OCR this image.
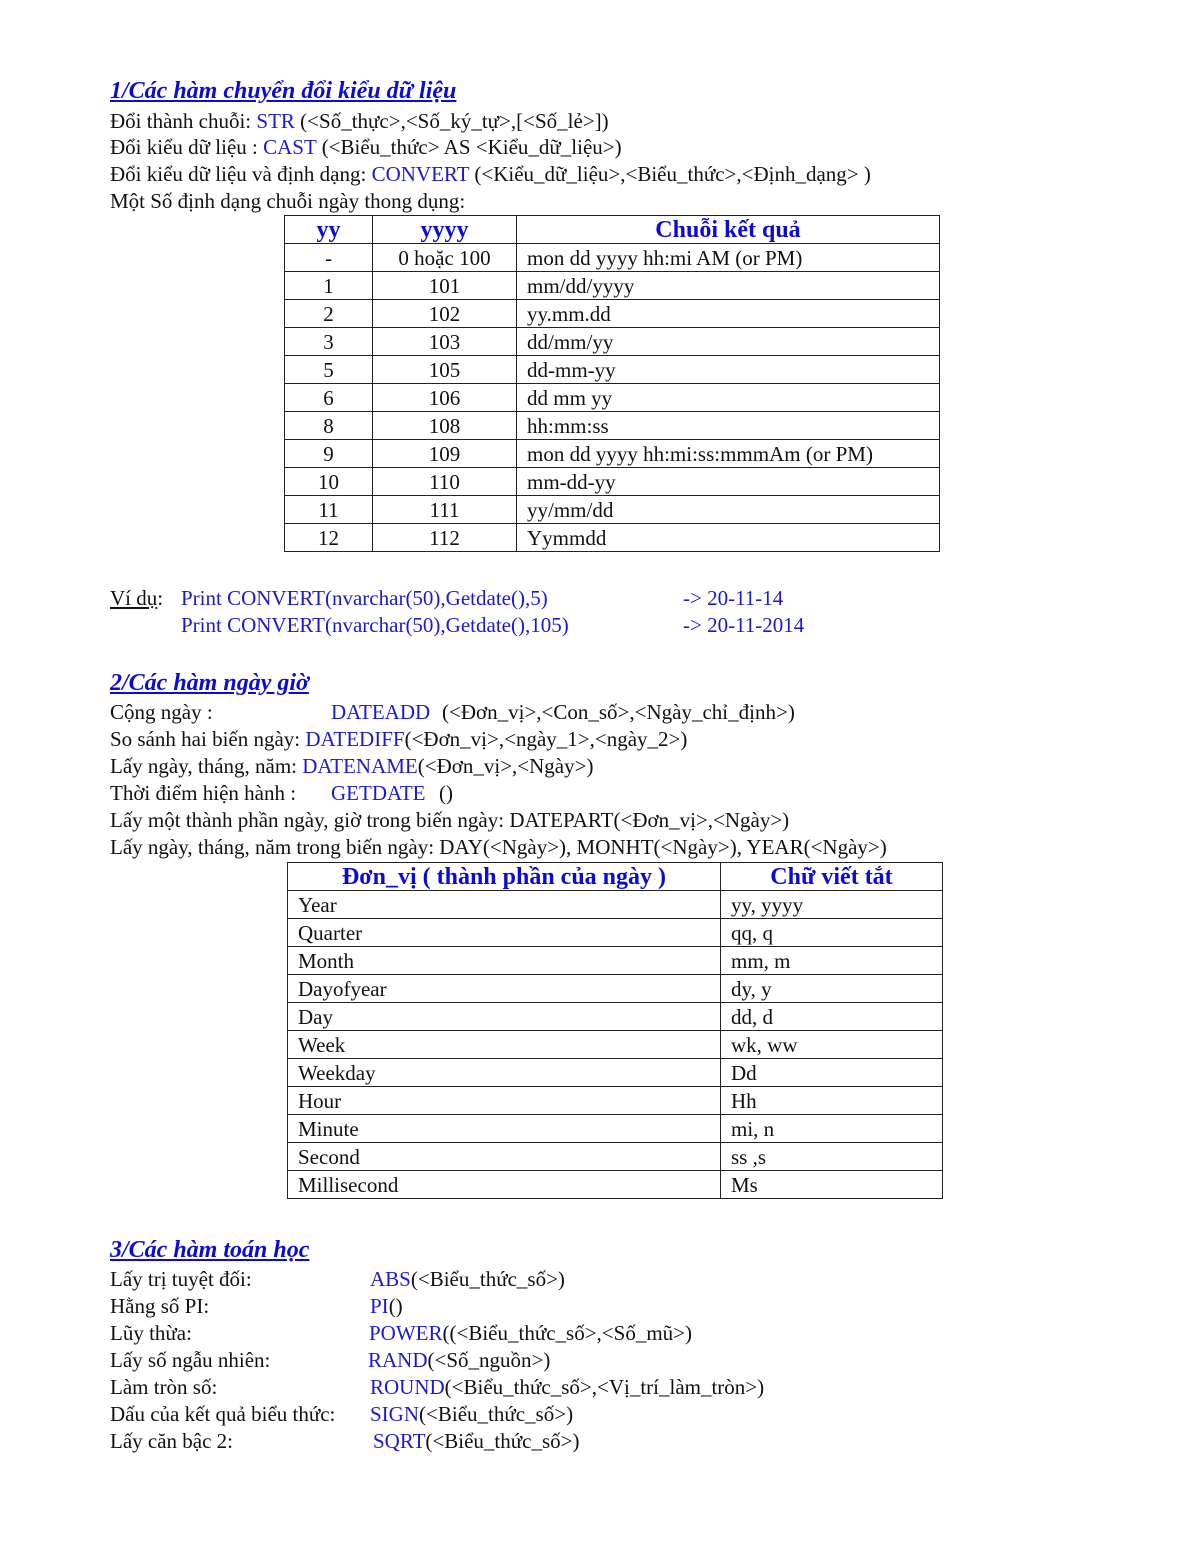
1/Các hàm chuyển đổi kiểu dữ liệu
Đổi thành chuỗi: STR (<Số_thực>,<Số_ký_tự>,[<Số_lẻ>])
Đổi kiểu dữ liệu : CAST (<Biểu_thức> AS <Kiểu_dữ_liệu>)
Đổi kiểu dữ liệu và định dạng: CONVERT (<Kiểu_dữ_liệu>,<Biểu_thức>,<Định_dạng> )
Một Số định dạng chuỗi ngày thong dụng:
yy	yyyy	Chuỗi kết quả
-	0 hoặc 100	mon dd yyyy hh:mi AM (or PM)
1	101	mm/dd/yyyy
2	102	yy.mm.dd
3	103	dd/mm/yy
5	105	dd-mm-yy
6	106	dd mm yy
8	108	hh:mm:ss
9	109	mon dd yyyy hh:mi:ss:mmmAm (or PM)
10	110	mm-dd-yy
11	111	yy/mm/dd
12	112	Yymmdd
Ví dụ: Print CONVERT(nvarchar(50),Getdate(),5)	-> 20-11-14
Print CONVERT(nvarchar(50),Getdate(),105)	-> 20-11-2014
2/Các hàm ngày giờ
Cộng ngày :	DATEADD (<Đơn_vị>,<Con_số>,<Ngày_chỉ_định>)
So sánh hai biến ngày: DATEDIFF(<Đơn_vị>,<ngày_1>,<ngày_2>)
Lấy ngày, tháng, năm: DATENAME(<Đơn_vị>,<Ngày>)
Thời điểm hiện hành : GETDATE ()
Lấy một thành phần ngày, giờ trong biến ngày: DATEPART(<Đơn_vị>,<Ngày>)
Lấy ngày, tháng, năm trong biến ngày: DAY(<Ngày>), MONHT(<Ngày>), YEAR(<Ngày>)
Đơn_vị ( thành phần của ngày )	Chữ viết tắt
Year	yy, yyyy
Quarter	qq, q
Month	mm, m
Dayofyear	dy, y
Day	dd, d
Week	wk, ww
Weekday	Dd
Hour	Hh
Minute	mi, n
Second	ss ,s
Millisecond	Ms
3/Các hàm toán học
Lấy trị tuyệt đối:	ABS(<Biểu_thức_số>)
Hằng số PI:	PI()
Lũy thừa:	POWER((<Biểu_thức_số>,<Số_mũ>)
Lấy số ngẫu nhiên:	RAND(<Số_nguồn>)
Làm tròn số:	ROUND(<Biểu_thức_số>,<Vị_trí_làm_tròn>)
Dấu của kết quả biểu thức: SIGN(<Biểu_thức_số>)
Lấy căn bậc 2:	SQRT(<Biểu_thức_số>)
